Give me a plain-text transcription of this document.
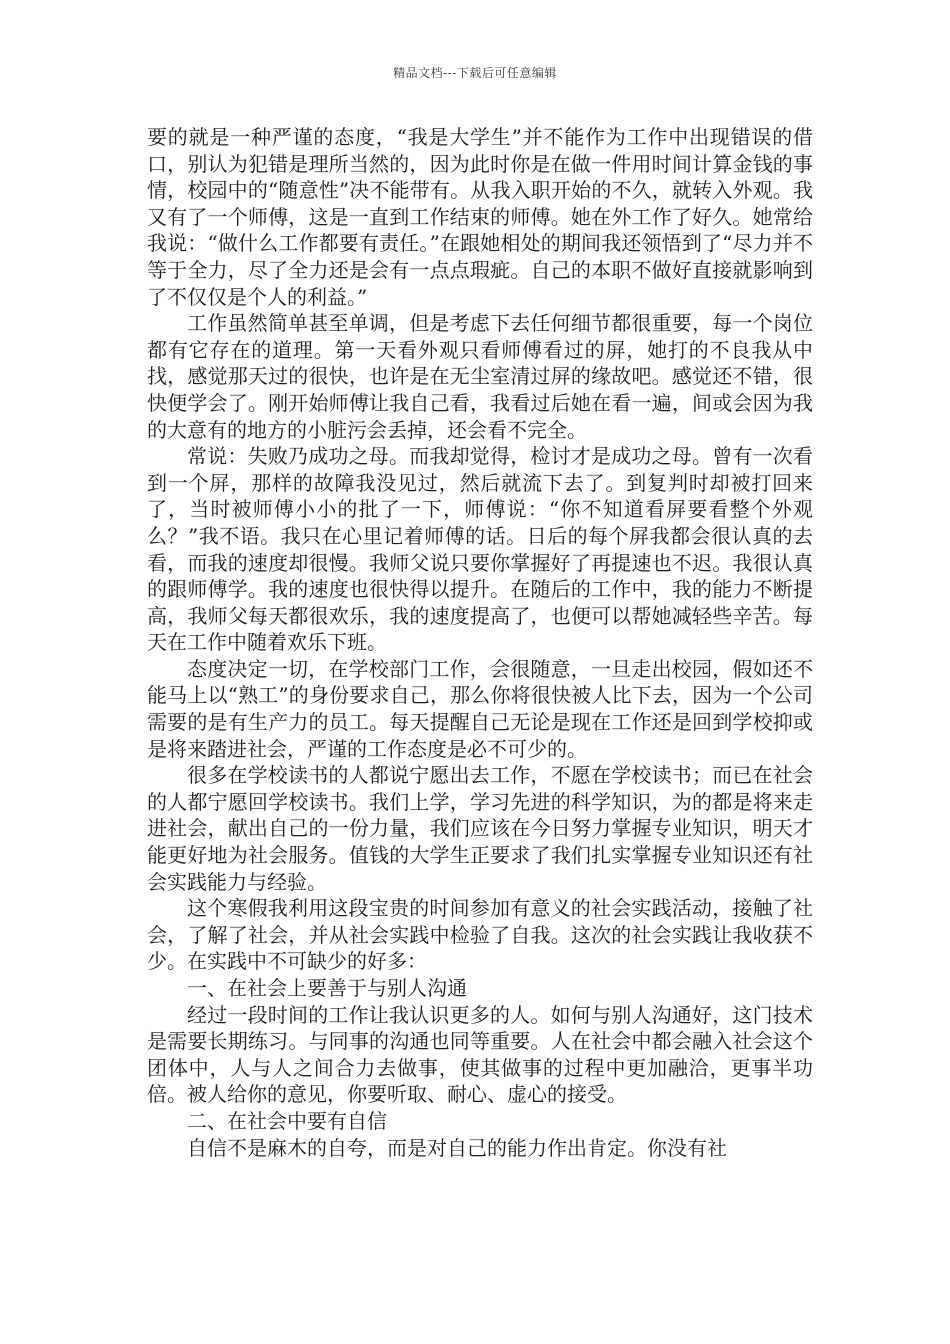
精品文档---下载后可任意编辑

要的就是一种严谨的态度，“我是大学生”并不能作为工作中出现错误的借口，别认为犯错是理所当然的，因为此时你是在做一件用时间计算金钱的事情，校园中的“随意性”决不能带有。从我入职开始的不久，就转入外观。我又有了一个师傅，这是一直到工作结束的师傅。她在外工作了好久。她常给我说：“做什么工作都要有责任。”在跟她相处的期间我还领悟到了“尽力并不等于全力，尽了全力还是会有一点点瑕疵。自己的本职不做好直接就影响到了不仅仅是个人的利益。”

工作虽然简单甚至单调，但是考虑下去任何细节都很重要，每一个岗位都有它存在的道理。第一天看外观只看师傅看过的屏，她打的不良我从中找，感觉那天过的很快，也许是在无尘室清过屏的缘故吧。感觉还不错，很快便学会了。刚开始师傅让我自己看，我看过后她在看一遍，间或会因为我的大意有的地方的小脏污会丢掉，还会看不完全。

常说：失败乃成功之母。而我却觉得，检讨才是成功之母。曾有一次看到一个屏，那样的故障我没见过，然后就流下去了。到复判时却被打回来了，当时被师傅小小的批了一下，师傅说：“你不知道看屏要看整个外观么？”我不语。我只在心里记着师傅的话。日后的每个屏我都会很认真的去看，而我的速度却很慢。我师父说只要你掌握好了再提速也不迟。我很认真的跟师傅学。我的速度也很快得以提升。在随后的工作中，我的能力不断提高，我师父每天都很欢乐，我的速度提高了，也便可以帮她减轻些辛苦。每天在工作中随着欢乐下班。

态度决定一切，在学校部门工作，会很随意，一旦走出校园，假如还不能马上以“熟工”的身份要求自己，那么你将很快被人比下去，因为一个公司需要的是有生产力的员工。每天提醒自己无论是现在工作还是回到学校抑或是将来踏进社会，严谨的工作态度是必不可少的。

很多在学校读书的人都说宁愿出去工作，不愿在学校读书；而已在社会的人都宁愿回学校读书。我们上学，学习先进的科学知识，为的都是将来走进社会，献出自己的一份力量，我们应该在今日努力掌握专业知识，明天才能更好地为社会服务。值钱的大学生正要求了我们扎实掌握专业知识还有社会实践能力与经验。

这个寒假我利用这段宝贵的时间参加有意义的社会实践活动，接触了社会，了解了社会，并从社会实践中检验了自我。这次的社会实践让我收获不少。在实践中不可缺少的好多：

一、在社会上要善于与别人沟通

经过一段时间的工作让我认识更多的人。如何与别人沟通好，这门技术是需要长期练习。与同事的沟通也同等重要。人在社会中都会融入社会这个团体中，人与人之间合力去做事，使其做事的过程中更加融洽，更事半功倍。被人给你的意见，你要听取、耐心、虚心的接受。

二、在社会中要有自信

自信不是麻木的自夸，而是对自己的能力作出肯定。你没有社
